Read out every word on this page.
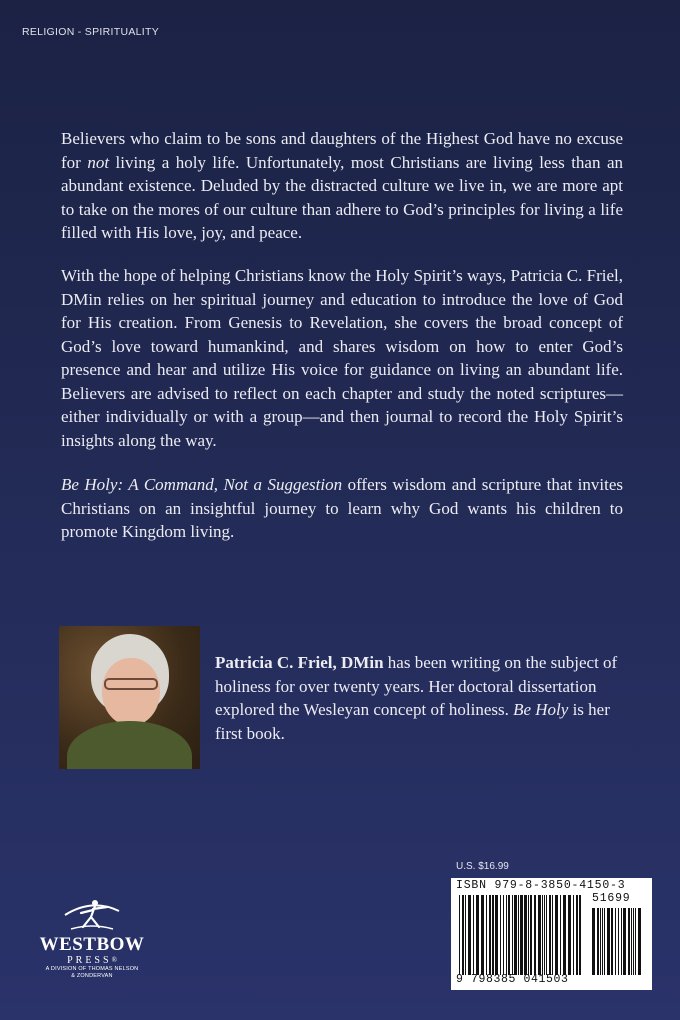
RELIGION - SPIRITUALITY

Believers who claim to be sons and daughters of the Highest God have no excuse for not living a holy life. Unfortunately, most Christians are living less than an abundant existence. Deluded by the distracted culture we live in, we are more apt to take on the mores of our culture than adhere to God’s principles for living a life filled with His love, joy, and peace.

With the hope of helping Christians know the Holy Spirit’s ways, Patricia C. Friel, DMin relies on her spiritual journey and education to introduce the love of God for His creation. From Genesis to Revelation, she covers the broad concept of God’s love toward humankind, and shares wisdom on how to enter God’s presence and hear and utilize His voice for guidance on living an abundant life. Believers are advised to reflect on each chapter and study the noted scriptures—either individually or with a group—and then journal to record the Holy Spirit’s insights along the way.

Be Holy: A Command, Not a Suggestion offers wisdom and scripture that invites Christians on an insightful journey to learn why God wants his children to promote Kingdom living.

Patricia C. Friel, DMin has been writing on the subject of holiness for over twenty years. Her doctoral dissertation explored the Wesleyan concept of holiness. Be Holy is her first book.

U.S. $16.99
ISBN 979-8-3850-4150-3
51699
9 798385 041503
WESTBOW
PRESS®
A DIVISION OF THOMAS NELSON
& ZONDERVAN
